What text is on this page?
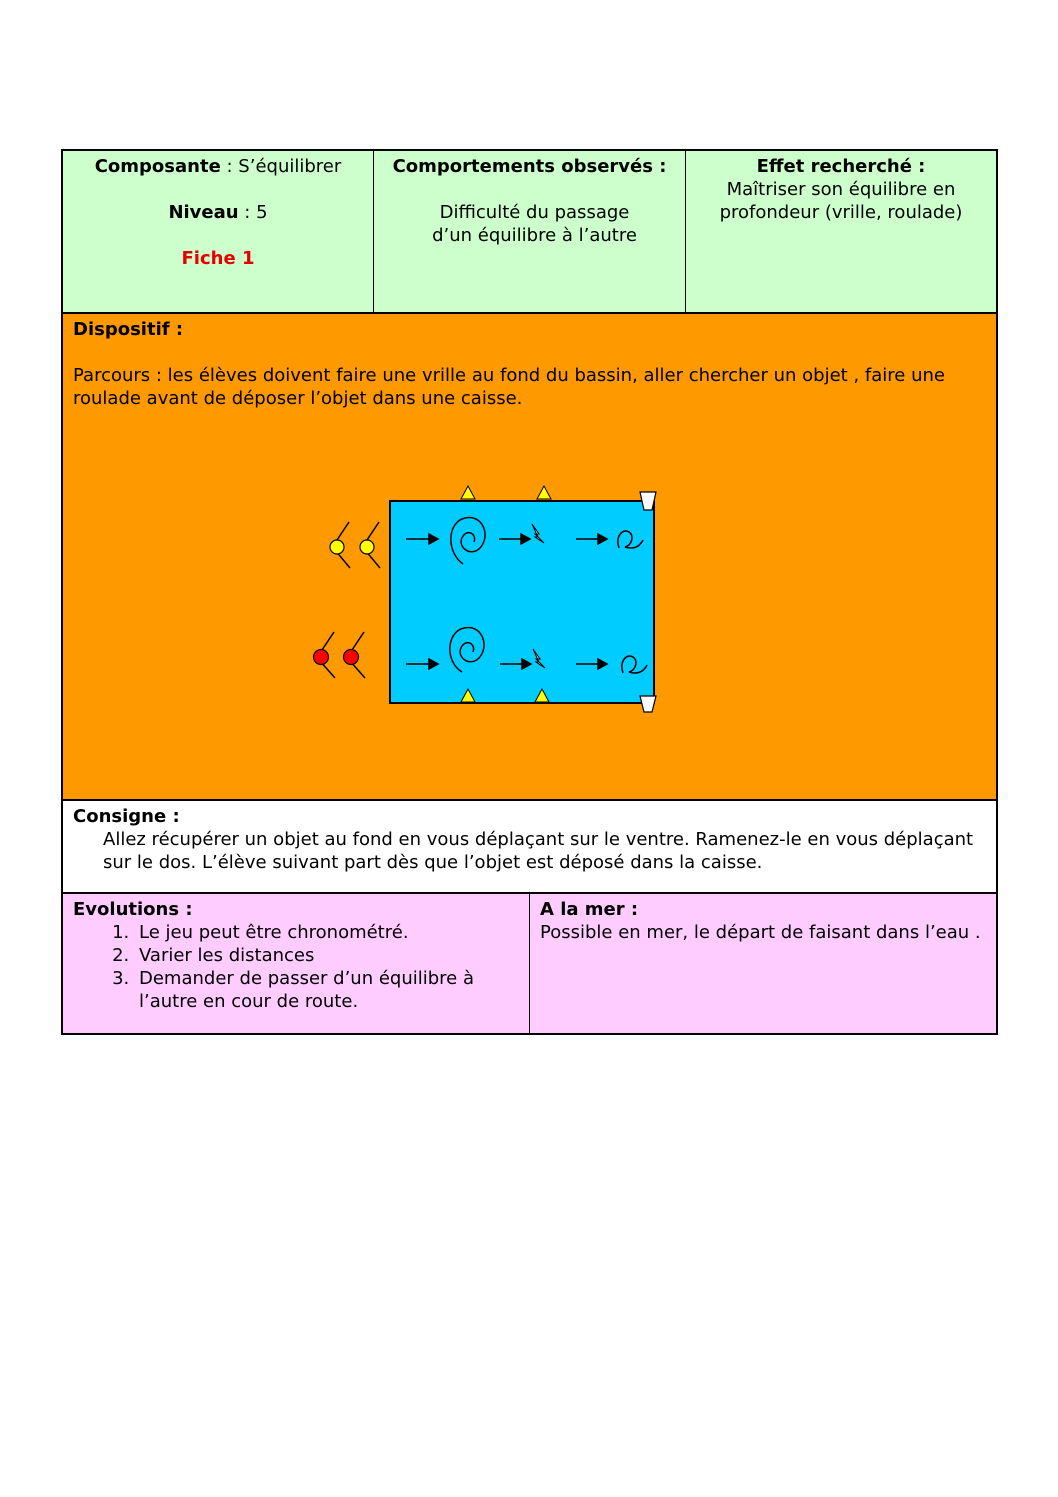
Composante : S’équilibrer
Niveau : 5
Fiche 1
Comportements observés :
Difficulté du passage d’un équilibre à l’autre
Effet recherché :
Maîtriser son équilibre en profondeur (vrille, roulade)
Dispositif :
Parcours : les élèves doivent faire une vrille au fond du bassin, aller chercher un objet , faire une roulade avant de déposer l’objet dans une caisse.
Consigne :
Allez récupérer un objet au fond en vous déplaçant sur le ventre. Ramenez-le en vous déplaçant sur le dos. L’élève suivant part dès que l’objet est déposé dans la caisse.
Evolutions :
1. Le jeu peut être chronométré.
2. Varier les distances
3. Demander de passer d’un équilibre à l’autre en cour de route.
A la mer :
Possible en mer, le départ de faisant dans l’eau .
